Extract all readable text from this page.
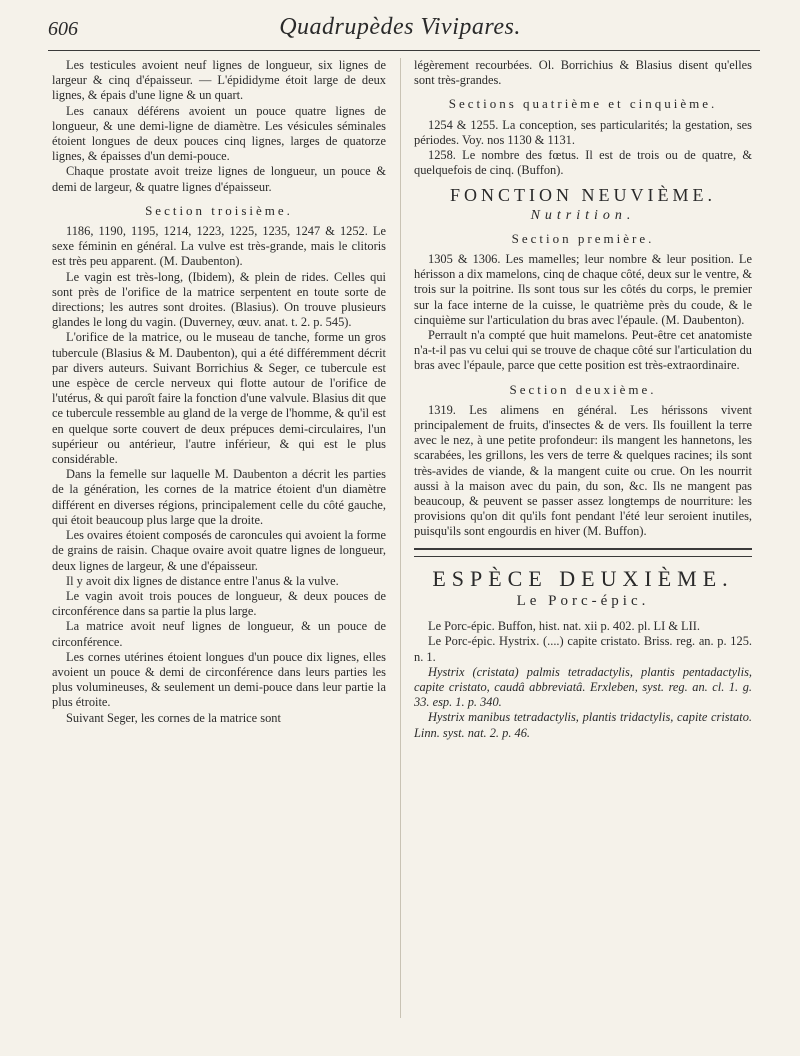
606	Quadrupèdes Vivipares.

Les testicules avoient neuf lignes de longueur, six lignes de largeur & cinq d'épaisseur. — L'épididyme étoit large de deux lignes, & épais d'une ligne & un quart.

Les canaux déférens avoient un pouce quatre lignes de longueur, & une demi-ligne de diamètre. Les vésicules séminales étoient longues de deux pouces cinq lignes, larges de quatorze lignes, & épaisses d'un demi-pouce.

Chaque prostate avoit treize lignes de longueur, un pouce & demi de largeur, & quatre lignes d'épaisseur.

Section troisième.

1186, 1190, 1195, 1214, 1223, 1225, 1235, 1247 & 1252. Le sexe féminin en général. La vulve est très-grande, mais le clitoris est très peu apparent. (M. Daubenton).

Le vagin est très-long, (Ibidem), & plein de rides. Celles qui sont près de l'orifice de la matrice serpentent en toute sorte de directions; les autres sont droites. (Blasius). On trouve plusieurs glandes le long du vagin. (Duverney, œuv. anat. t. 2. p. 545).

L'orifice de la matrice, ou le museau de tanche, forme un gros tubercule (Blasius & M. Daubenton), qui a été différemment décrit par divers auteurs. Suivant Borrichius & Seger, ce tubercule est une espèce de cercle nerveux qui flotte autour de l'orifice de l'utérus, & qui paroît faire la fonction d'une valvule. Blasius dit que ce tubercule ressemble au gland de la verge de l'homme, & qu'il est en quelque sorte couvert de deux prépuces demi-circulaires, l'un supérieur ou antérieur, l'autre inférieur, & qui est le plus considérable.

Dans la femelle sur laquelle M. Daubenton a décrit les parties de la génération, les cornes de la matrice étoient d'un diamètre différent en diverses régions, principalement celle du côté gauche, qui étoit beaucoup plus large que la droite.

Les ovaires étoient composés de caroncules qui avoient la forme de grains de raisin. Chaque ovaire avoit quatre lignes de longueur, deux lignes de largeur, & une d'épaisseur.

Il y avoit dix lignes de distance entre l'anus & la vulve.

Le vagin avoit trois pouces de longueur, & deux pouces de circonférence dans sa partie la plus large.

La matrice avoit neuf lignes de longueur, & un pouce de circonférence.

Les cornes utérines étoient longues d'un pouce dix lignes, elles avoient un pouce & demi de circonférence dans leurs parties les plus volumineuses, & seulement un demi-pouce dans leur partie la plus étroite.

Suivant Seger, les cornes de la matrice sont

légèrement recourbées. Ol. Borrichius & Blasius disent qu'elles sont très-grandes.

Sections quatrième et cinquième.

1254 & 1255. La conception, ses particularités; la gestation, ses périodes. Voy. nos 1130 & 1131.

1258. Le nombre des fœtus. Il est de trois ou de quatre, & quelquefois de cinq. (Buffon).

FONCTION NEUVIÈME.
Nutrition.
Section première.

1305 & 1306. Les mamelles; leur nombre & leur position. Le hérisson a dix mamelons, cinq de chaque côté, deux sur le ventre, & trois sur la poitrine. Ils sont tous sur les côtés du corps, le premier sur la face interne de la cuisse, le quatrième près du coude, & le cinquième sur l'articulation du bras avec l'épaule. (M. Daubenton).

Perrault n'a compté que huit mamelons. Peut-être cet anatomiste n'a-t-il pas vu celui qui se trouve de chaque côté sur l'articulation du bras avec l'épaule, parce que cette position est très-extraordinaire.

Section deuxième.

1319. Les alimens en général. Les hérissons vivent principalement de fruits, d'insectes & de vers. Ils fouillent la terre avec le nez, à une petite profondeur: ils mangent les hannetons, les scarabées, les grillons, les vers de terre & quelques racines; ils sont très-avides de viande, & la mangent cuite ou crue. On les nourrit aussi à la maison avec du pain, du son, &c. Ils ne mangent pas beaucoup, & peuvent se passer assez longtemps de nourriture: les provisions qu'on dit qu'ils font pendant l'été leur seroient inutiles, puisqu'ils sont engourdis en hiver (M. Buffon).

ESPÈCE DEUXIÈME.
Le Porc-épic.

Le Porc-épic. Buffon, hist. nat. xii p. 402. pl. LI & LII.

Le Porc-épic. Hystrix. (....) capite cristato. Briss. reg. an. p. 125. n. 1.

Hystrix (cristata) palmis tetradactylis, plantis pentadactylis, capite cristato, caudâ abbreviatâ. Erxleben, syst. reg. an. cl. 1. g. 33. esp. 1. p. 340.

Hystrix manibus tetradactylis, plantis tridactylis, capite cristato. Linn. syst. nat. 2. p. 46.
